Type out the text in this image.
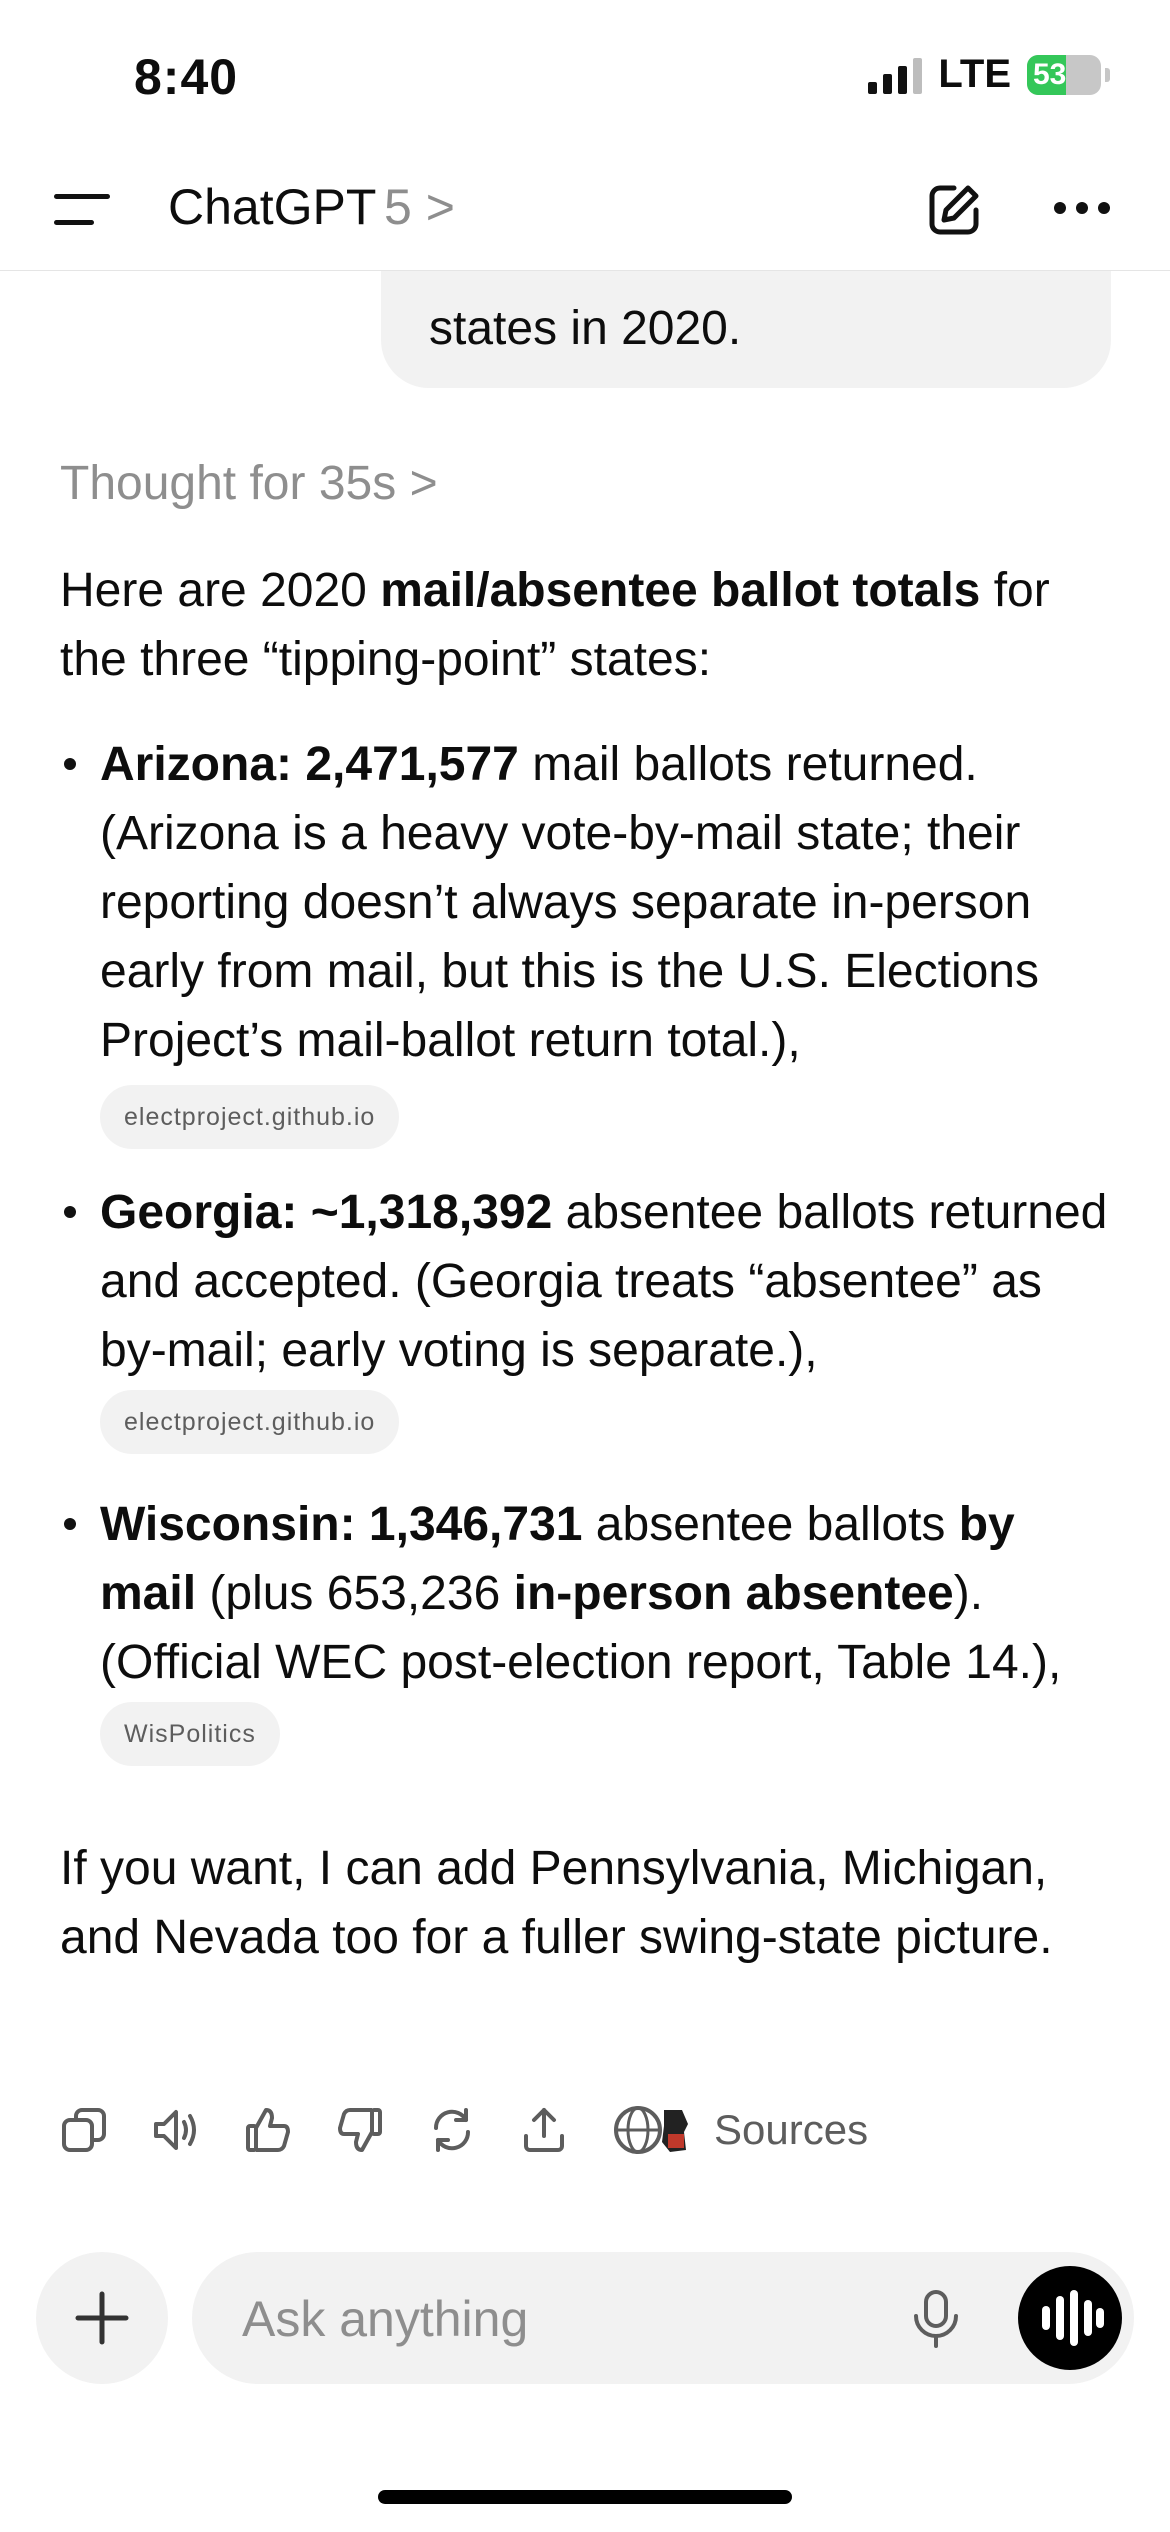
8:40	LTE 53
states in 2020.
ChatGPT 5 >
Thought for 35s >
Here are 2020 mail/absentee ballot totals for the three “tipping-point” states:
Arizona: 2,471,577 mail ballots returned. (Arizona is a heavy vote-by-mail state; their reporting doesn’t always separate in-person early from mail, but this is the U.S. Elections Project’s mail-ballot return total.),
electproject.github.io
Georgia: ~1,318,392 absentee ballots returned and accepted. (Georgia treats “absentee” as by-mail; early voting is separate.), electproject.github.io
Wisconsin: 1,346,731 absentee ballots by mail (plus 653,236 in-person absentee). (Official WEC post-election report, Table 14.), WisPolitics
If you want, I can add Pennsylvania, Michigan, and Nevada too for a fuller swing-state picture.
Sources
Ask anything
